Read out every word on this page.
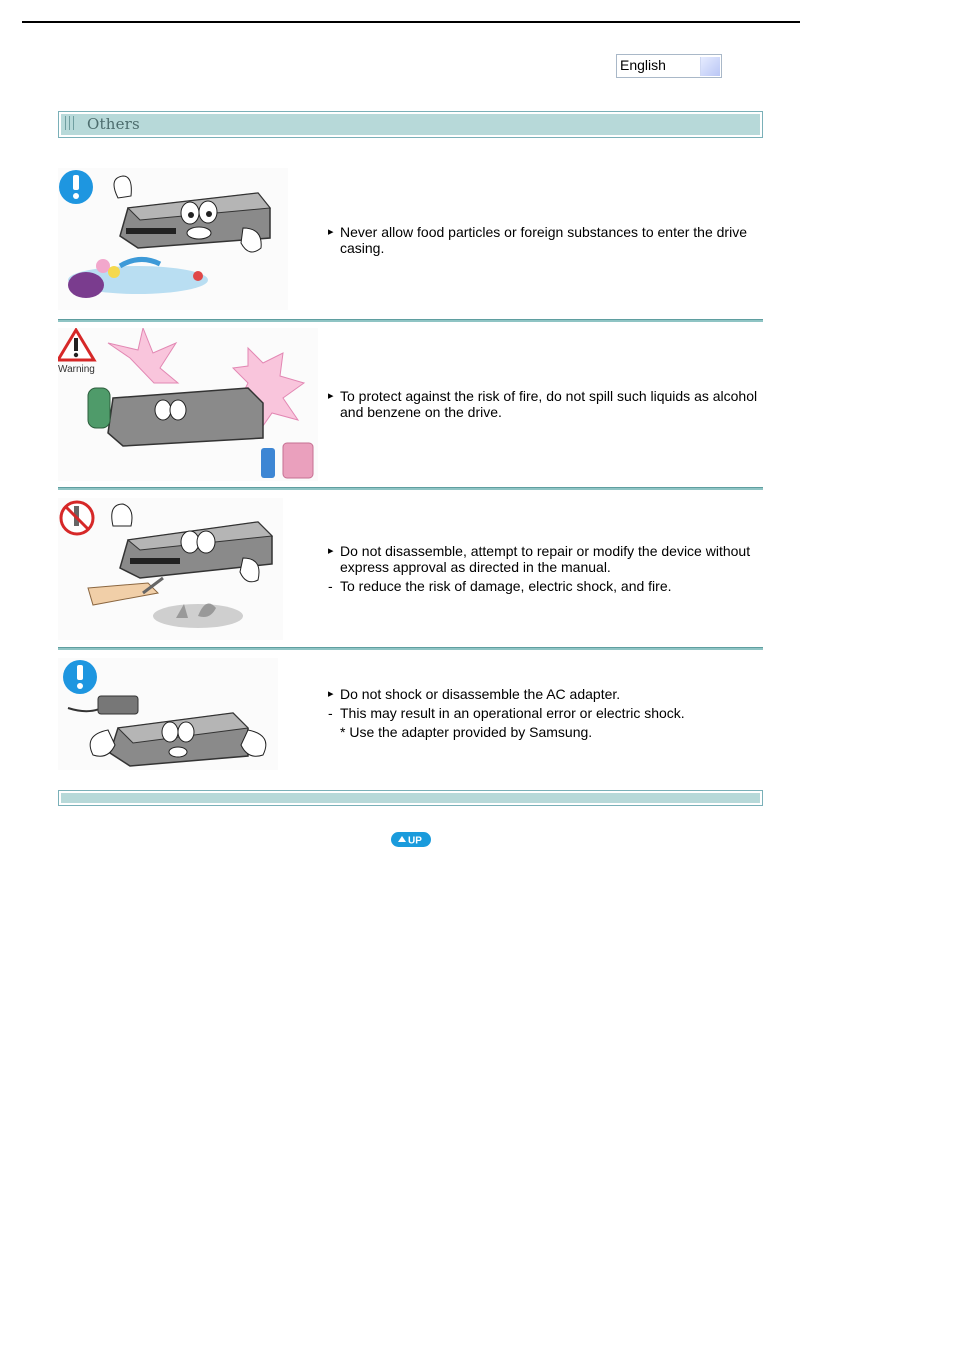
English
Others
▸ Never allow food particles or foreign substances to enter the drive casing.
Warning
▸ To protect against the risk of fire, do not spill such liquids as alcohol and benzene on the drive.
▸ Do not disassemble, attempt to repair or modify the device without express approval as directed in the manual.
- To reduce the risk of damage, electric shock, and fire.
▸ Do not shock or disassemble the AC adapter.
- This may result in an operational error or electric shock.
* Use the adapter provided by Samsung.
UP
